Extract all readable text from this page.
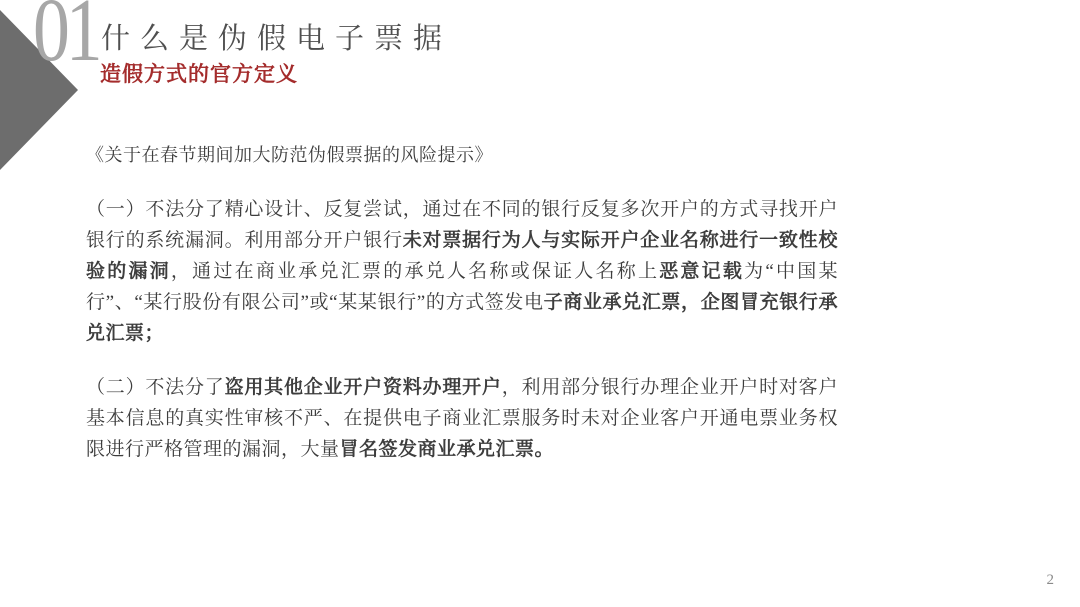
01 什么是伪假电子票据
造假方式的官方定义
《关于在春节期间加大防范伪假票据的风险提示》

（一）不法分了精心设计、反复尝试，通过在不同的银行反复多次开户的方式寻找开户银行的系统漏洞。利用部分开户银行未对票据行为人与实际开户企业名称进行一致性校验的漏洞，通过在商业承兑汇票的承兑人名称或保证人名称上恶意记载为“中国某行”、“某行股份有限公司”或“某某银行”的方式签发电子商业承兑汇票，企图冒充银行承兑汇票；

（二）不法分了盗用其他企业开户资料办理开户，利用部分银行办理企业开户时对客户基本信息的真实性审核不严、在提供电子商业汇票服务时未对企业客户开通电票业务权限进行严格管理的漏洞，大量冒名签发商业承兑汇票。

2
